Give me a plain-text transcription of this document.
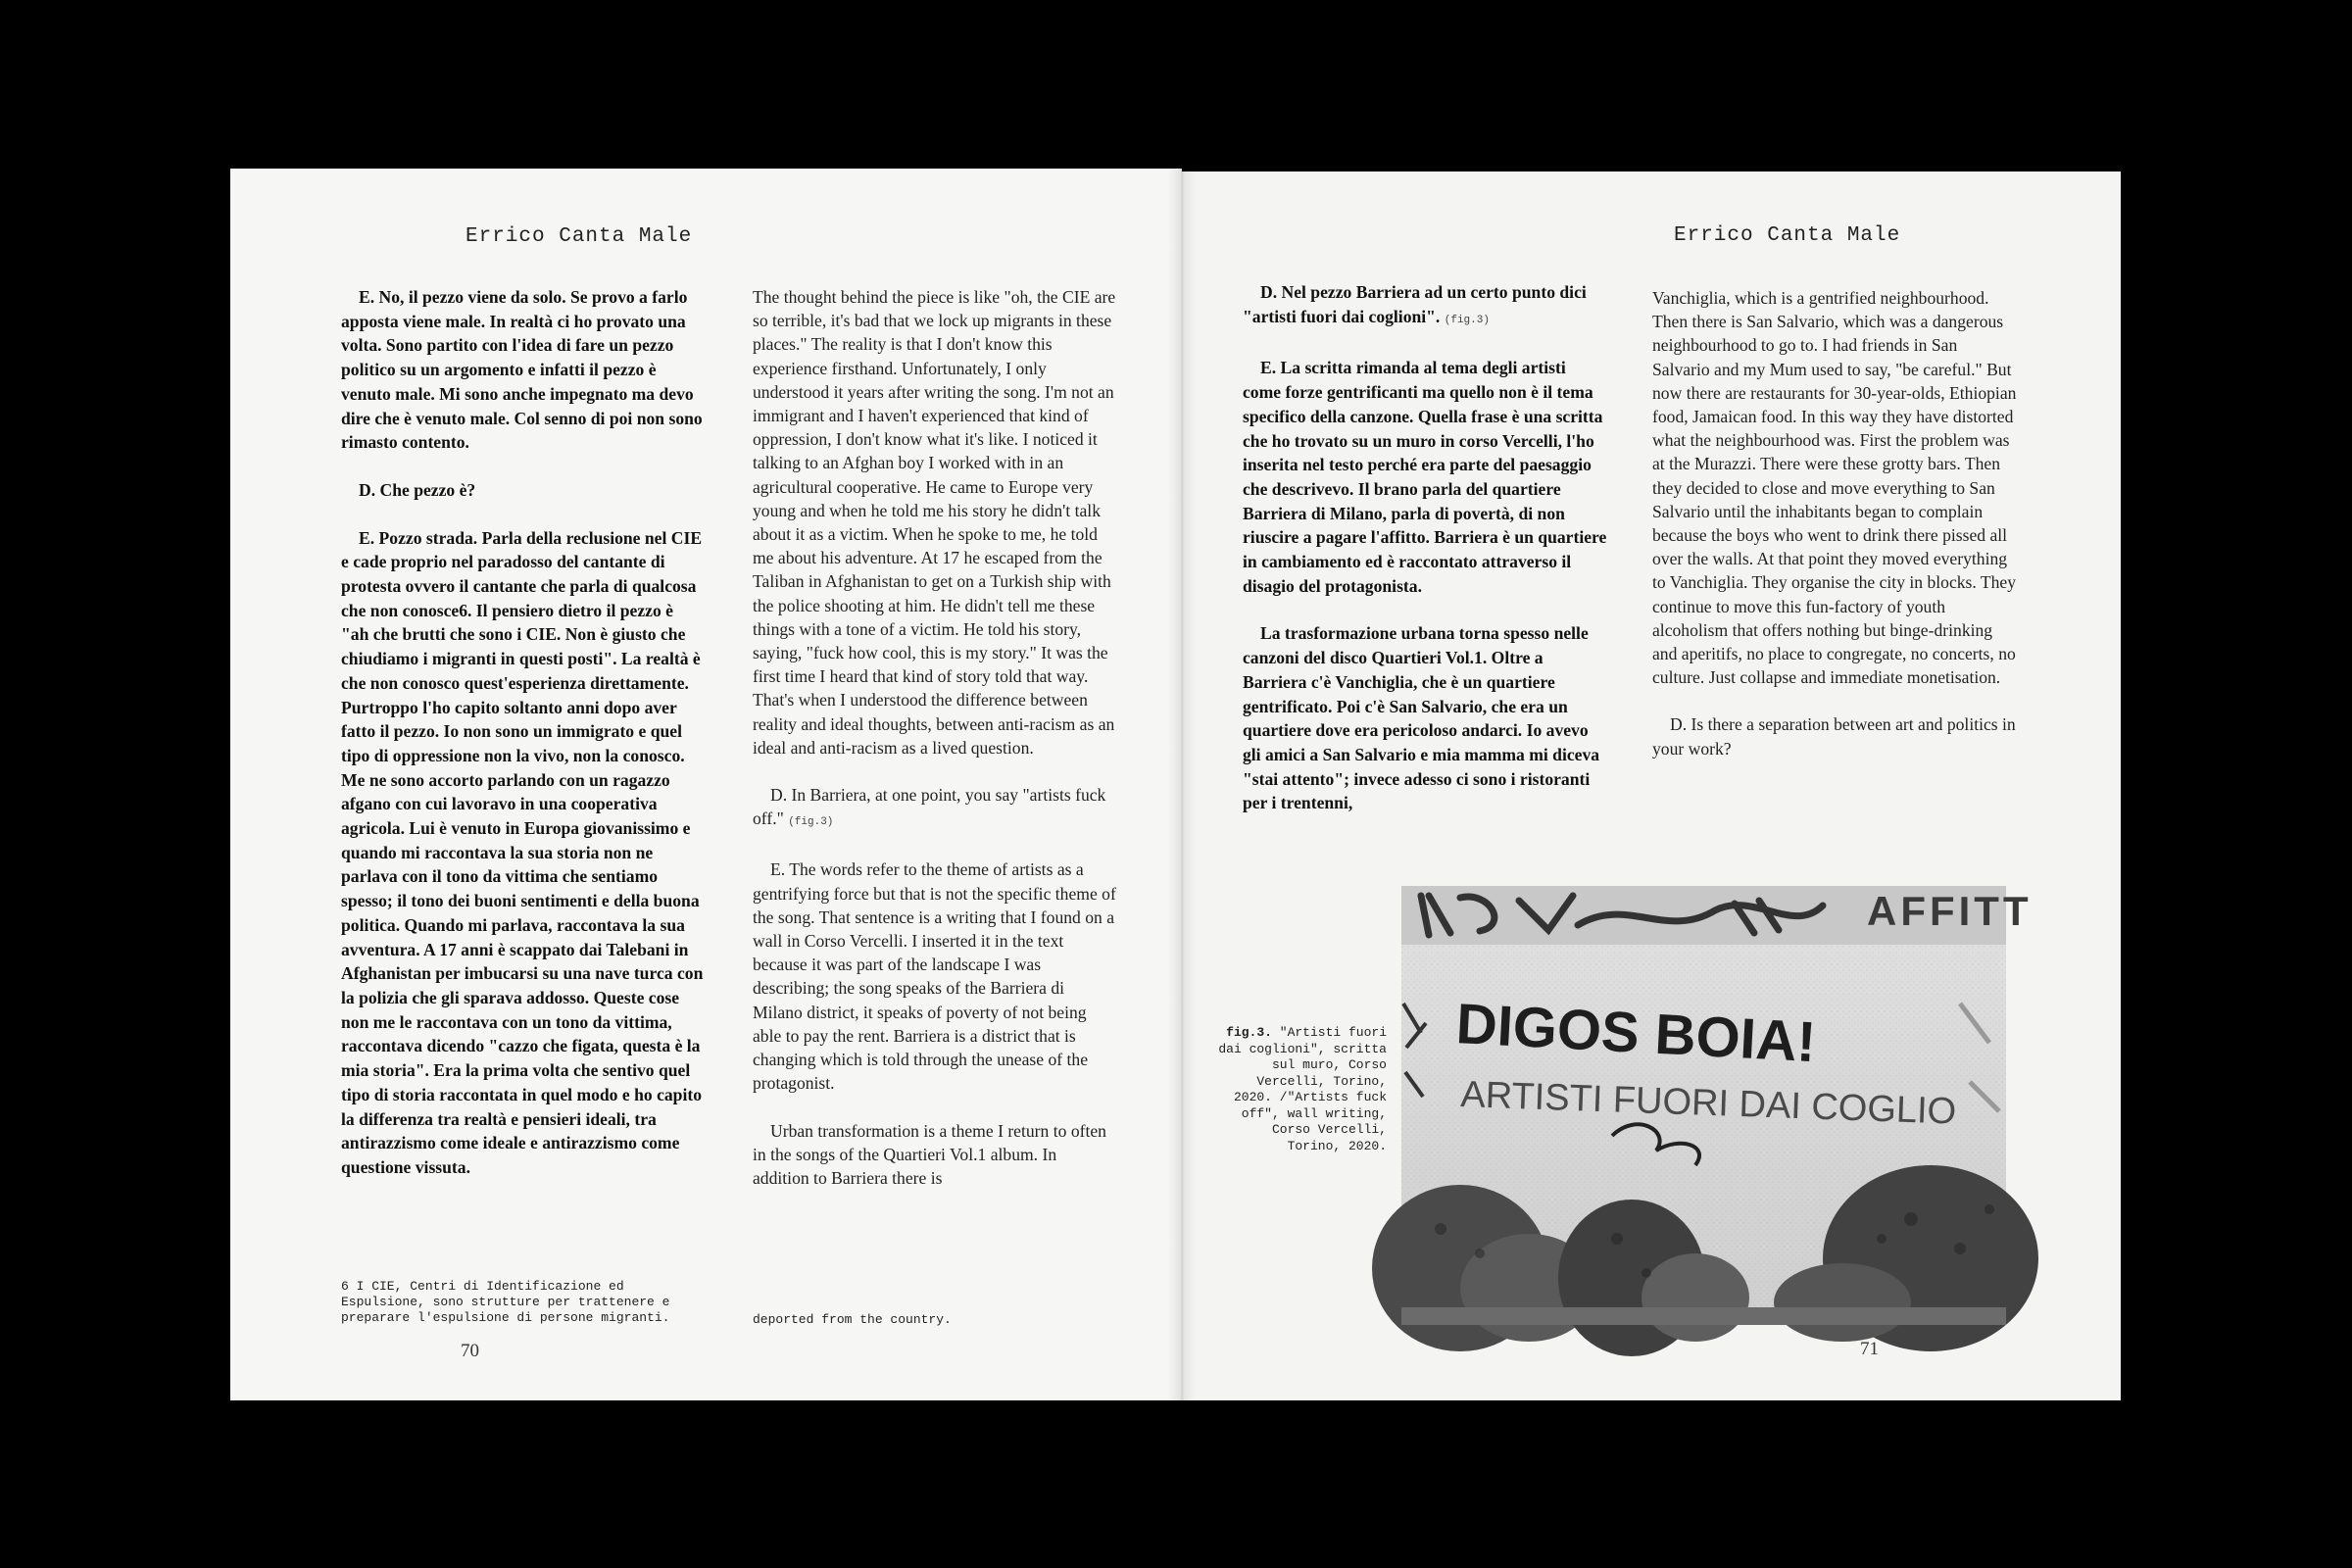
Errico Canta Male

E. No, il pezzo viene da solo. Se provo a farlo apposta viene male. In realtà ci ho provato una volta. Sono partito con l'idea di fare un pezzo politico su un argomento e infatti il pezzo è venuto male. Mi sono anche impegnato ma devo dire che è venuto male. Col senno di poi non sono rimasto contento.

D. Che pezzo è?

E. Pozzo strada. Parla della reclusione nel CIE e cade proprio nel paradosso del cantante di protesta ovvero il cantante che parla di qualcosa che non conosce6. Il pensiero dietro il pezzo è "ah che brutti che sono i CIE. Non è giusto che chiudiamo i migranti in questi posti". La realtà è che non conosco quest'esperienza direttamente. Purtroppo l'ho capito soltanto anni dopo aver fatto il pezzo. Io non sono un immigrato e quel tipo di oppressione non la vivo, non la conosco. Me ne sono accorto parlando con un ragazzo afgano con cui lavoravo in una cooperativa agricola. Lui è venuto in Europa giovanissimo e quando mi raccontava la sua storia non ne parlava con il tono da vittima che sentiamo spesso; il tono dei buoni sentimenti e della buona politica. Quando mi parlava, raccontava la sua avventura. A 17 anni è scappato dai Talebani in Afghanistan per imbucarsi su una nave turca con la polizia che gli sparava addosso. Queste cose non me le raccontava con un tono da vittima, raccontava dicendo "cazzo che figata, questa è la mia storia". Era la prima volta che sentivo quel tipo di storia raccontata in quel modo e ho capito la differenza tra realtà e pensieri ideali, tra antirazzismo come ideale e antirazzismo come questione vissuta.

The thought behind the piece is like "oh, the CIE are so terrible, it's bad that we lock up migrants in these places." The reality is that I don't know this experience firsthand. Unfortunately, I only understood it years after writing the song. I'm not an immigrant and I haven't experienced that kind of oppression, I don't know what it's like. I noticed it talking to an Afghan boy I worked with in an agricultural cooperative. He came to Europe very young and when he told me his story he didn't talk about it as a victim. When he spoke to me, he told me about his adventure. At 17 he escaped from the Taliban in Afghanistan to get on a Turkish ship with the police shooting at him. He didn't tell me these things with a tone of a victim. He told his story, saying, "fuck how cool, this is my story." It was the first time I heard that kind of story told that way. That's when I understood the difference between reality and ideal thoughts, between anti-racism as an ideal and anti-racism as a lived question.

D. In Barriera, at one point, you say "artists fuck off." (fig.3)

E. The words refer to the theme of artists as a gentrifying force but that is not the specific theme of the song. That sentence is a writing that I found on a wall in Corso Vercelli. I inserted it in the text because it was part of the landscape I was describing; the song speaks of the Barriera di Milano district, it speaks of poverty of not being able to pay the rent. Barriera is a district that is changing which is told through the unease of the protagonist.

Urban transformation is a theme I return to often in the songs of the Quartieri Vol.1 album. In addition to Barriera there is

6 I CIE, Centri di Identificazione ed Espulsione, sono strutture per trattenere e preparare l'espulsione di persone migranti.	deported from the country.

70

Errico Canta Male

D. Nel pezzo Barriera ad un certo punto dici "artisti fuori dai coglioni". (fig.3)

E. La scritta rimanda al tema degli artisti come forze gentrificanti ma quello non è il tema specifico della canzone. Quella frase è una scritta che ho trovato su un muro in corso Vercelli, l'ho inserita nel testo perché era parte del paesaggio che descrivevo. Il brano parla del quartiere Barriera di Milano, parla di povertà, di non riuscire a pagare l'affitto. Barriera è un quartiere in cambiamento ed è raccontato attraverso il disagio del protagonista.

La trasformazione urbana torna spesso nelle canzoni del disco Quartieri Vol.1. Oltre a Barriera c'è Vanchiglia, che è un quartiere gentrificato. Poi c'è San Salvario, che era un quartiere dove era pericoloso andarci. Io avevo gli amici a San Salvario e mia mamma mi diceva "stai attento"; invece adesso ci sono i ristoranti per i trentenni,

Vanchiglia, which is a gentrified neighbourhood. Then there is San Salvario, which was a dangerous neighbourhood to go to. I had friends in San Salvario and my Mum used to say, "be careful." But now there are restaurants for 30-year-olds, Ethiopian food, Jamaican food. In this way they have distorted what the neighbourhood was. First the problem was at the Murazzi. There were these grotty bars. Then they decided to close and move everything to San Salvario until the inhabitants began to complain because the boys who went to drink there pissed all over the walls. At that point they moved everything to Vanchiglia. They organise the city in blocks. They continue to move this fun-factory of youth alcoholism that offers nothing but binge-drinking and aperitifs, no place to congregate, no concerts, no culture. Just collapse and immediate monetisation.

D. Is there a separation between art and politics in your work?

fig.3. "Artisti fuori dai coglioni", scritta sul muro, Corso Vercelli, Torino, 2020. /"Artists fuck off", wall writing, Corso Vercelli, Torino, 2020.

AFFITT
DIGOS BOIA!
ARTISTI FUORI DAI COGLIO

71
